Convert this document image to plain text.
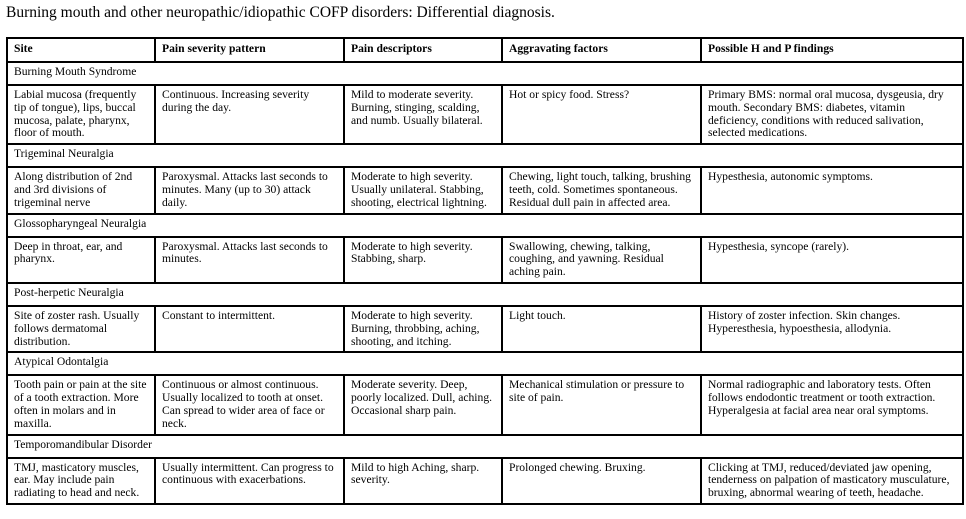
Burning mouth and other neuropathic/idiopathic COFP disorders: Differential diagnosis.
Site	Pain severity pattern	Pain descriptors	Aggravating factors	Possible H and P findings
Burning Mouth Syndrome				
Labial mucosa (frequently tip of tongue), lips, buccal mucosa, palate, pharynx, floor of mouth.	Continuous. Increasing severity during the day.	Mild to moderate severity. Burning, stinging, scalding, and numb. Usually bilateral.	Hot or spicy food. Stress?	Primary BMS: normal oral mucosa, dysgeusia, dry mouth. Secondary BMS: diabetes, vitamin deficiency, conditions with reduced salivation, selected medications.
Trigeminal Neuralgia				
Along distribution of 2nd and 3rd divisions of trigeminal nerve	Paroxysmal. Attacks last seconds to minutes. Many (up to 30) attack daily.	Moderate to high severity. Usually unilateral. Stabbing, shooting, electrical lightning.	Chewing, light touch, talking, brushing teeth, cold. Sometimes spontaneous. Residual dull pain in affected area.	Hypesthesia, autonomic symptoms.
Glossopharyngeal Neuralgia				
Deep in throat, ear, and pharynx.	Paroxysmal. Attacks last seconds to minutes.	Moderate to high severity. Stabbing, sharp.	Swallowing, chewing, talking, coughing, and yawning. Residual aching pain.	Hypesthesia, syncope (rarely).
Post-herpetic Neuralgia				
Site of zoster rash. Usually follows dermatomal distribution.	Constant to intermittent.	Moderate to high severity. Burning, throbbing, aching, shooting, and itching.	Light touch.	History of zoster infection. Skin changes. Hyperesthesia, hypoesthesia, allodynia.
Atypical Odontalgia				
Tooth pain or pain at the site of a tooth extraction. More often in molars and in maxilla.	Continuous or almost continuous. Usually localized to tooth at onset. Can spread to wider area of face or neck.	Moderate severity. Deep, poorly localized. Dull, aching. Occasional sharp pain.	Mechanical stimulation or pressure to site of pain.	Normal radiographic and laboratory tests. Often follows endodontic treatment or tooth extraction. Hyperalgesia at facial area near oral symptoms.
Temporomandibular Disorder				
TMJ, masticatory muscles, ear. May include pain radiating to head and neck.	Usually intermittent. Can progress to continuous with exacerbations.	Mild to high Aching, sharp. severity.	Prolonged chewing. Bruxing.	Clicking at TMJ, reduced/deviated jaw opening, tenderness on palpation of masticatory musculature, bruxing, abnormal wearing of teeth, headache.
